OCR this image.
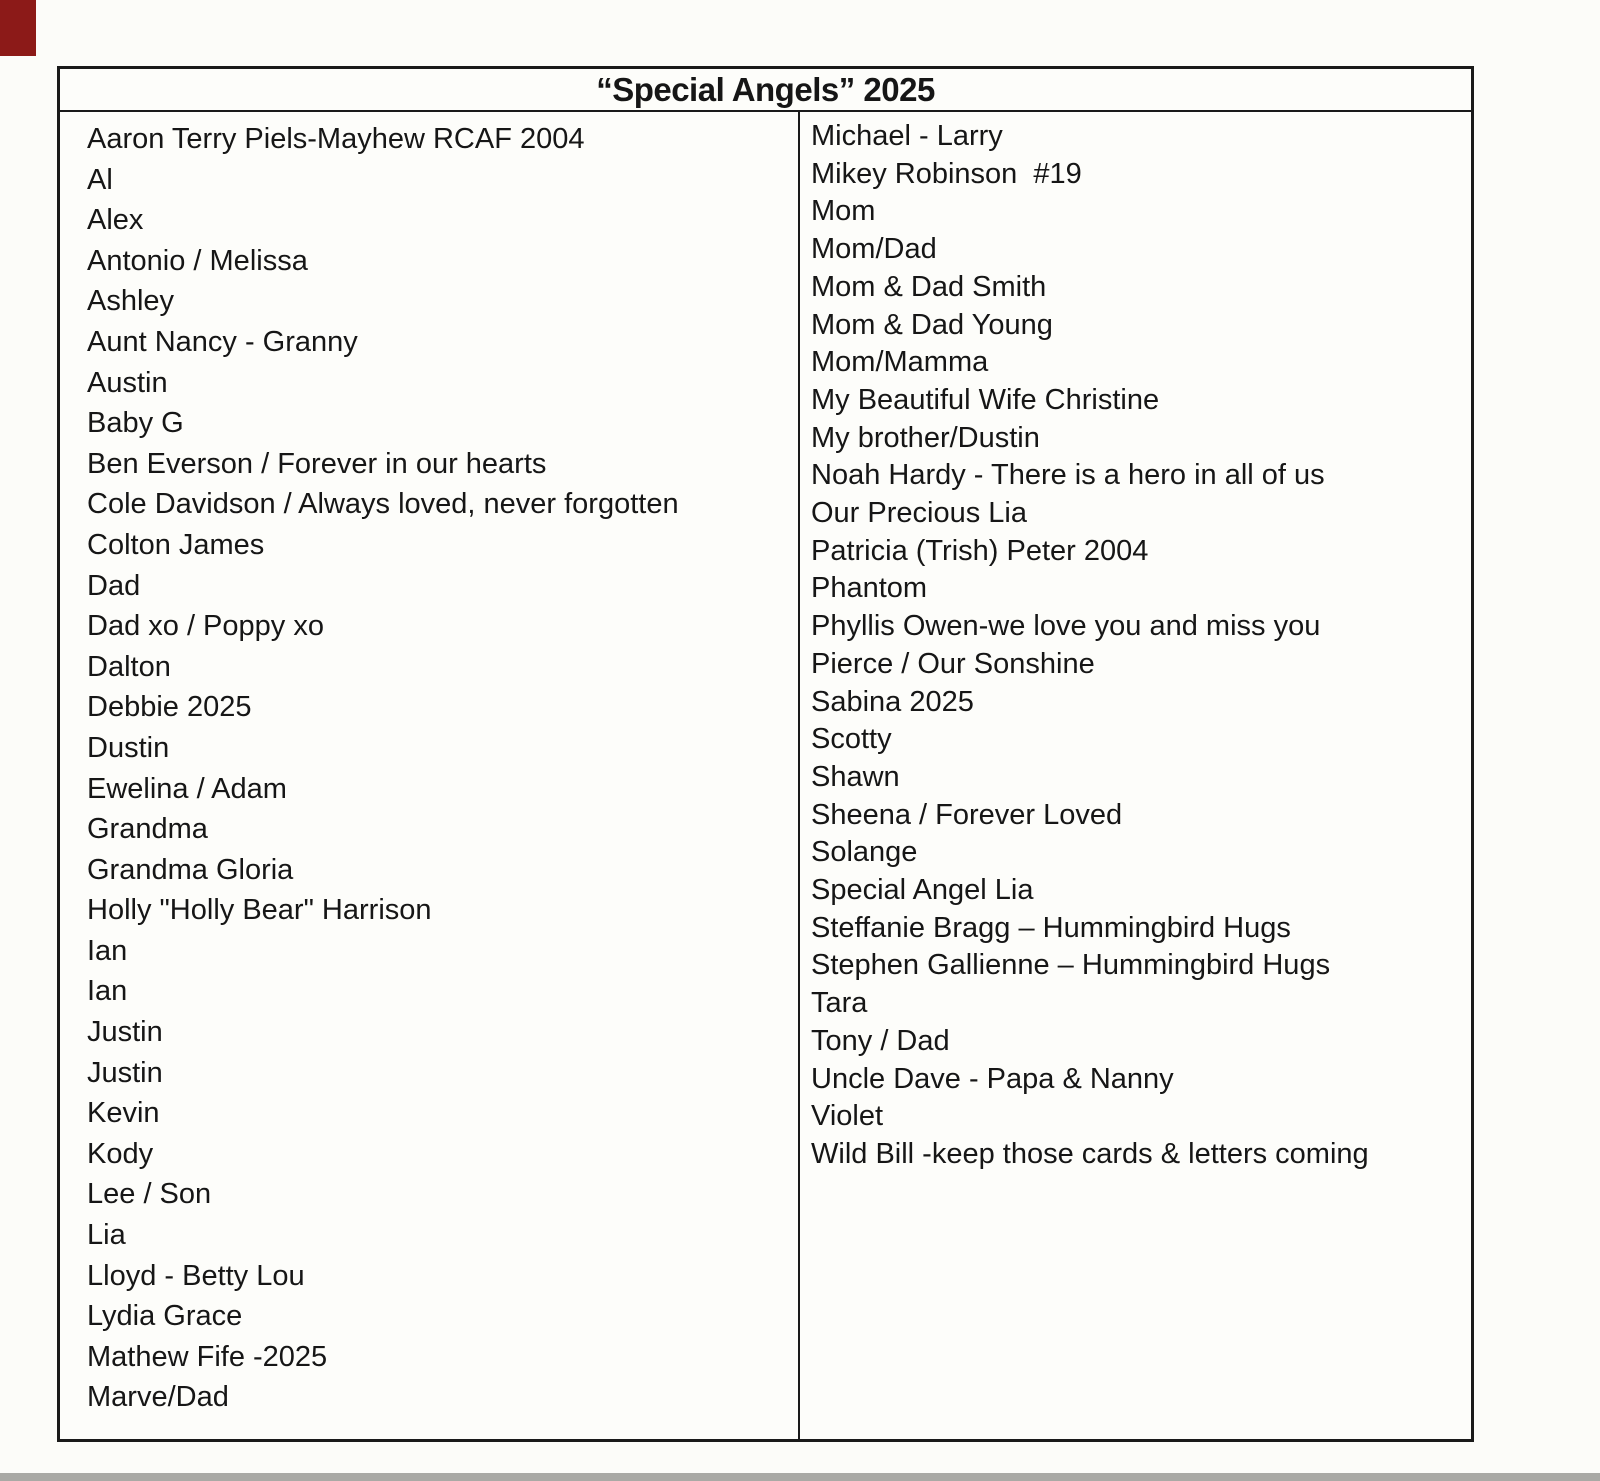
“Special Angels” 2025
Aaron Terry Piels-Mayhew RCAF 2004
Al
Alex
Antonio / Melissa
Ashley
Aunt Nancy - Granny
Austin
Baby G
Ben Everson / Forever in our hearts
Cole Davidson / Always loved, never forgotten
Colton James
Dad
Dad xo / Poppy xo
Dalton
Debbie 2025
Dustin
Ewelina / Adam
Grandma
Grandma Gloria
Holly "Holly Bear" Harrison
Ian
Ian
Justin
Justin
Kevin
Kody
Lee / Son
Lia
Lloyd - Betty Lou
Lydia Grace
Mathew Fife -2025
Marve/Dad
Michael - Larry
Mikey Robinson  #19
Mom
Mom/Dad
Mom & Dad Smith
Mom & Dad Young
Mom/Mamma
My Beautiful Wife Christine
My brother/Dustin
Noah Hardy - There is a hero in all of us
Our Precious Lia
Patricia (Trish) Peter 2004
Phantom
Phyllis Owen-we love you and miss you
Pierce / Our Sonshine
Sabina 2025
Scotty
Shawn
Sheena / Forever Loved
Solange
Special Angel Lia
Steffanie Bragg – Hummingbird Hugs
Stephen Gallienne – Hummingbird Hugs
Tara
Tony / Dad
Uncle Dave - Papa & Nanny
Violet
Wild Bill -keep those cards & letters coming
